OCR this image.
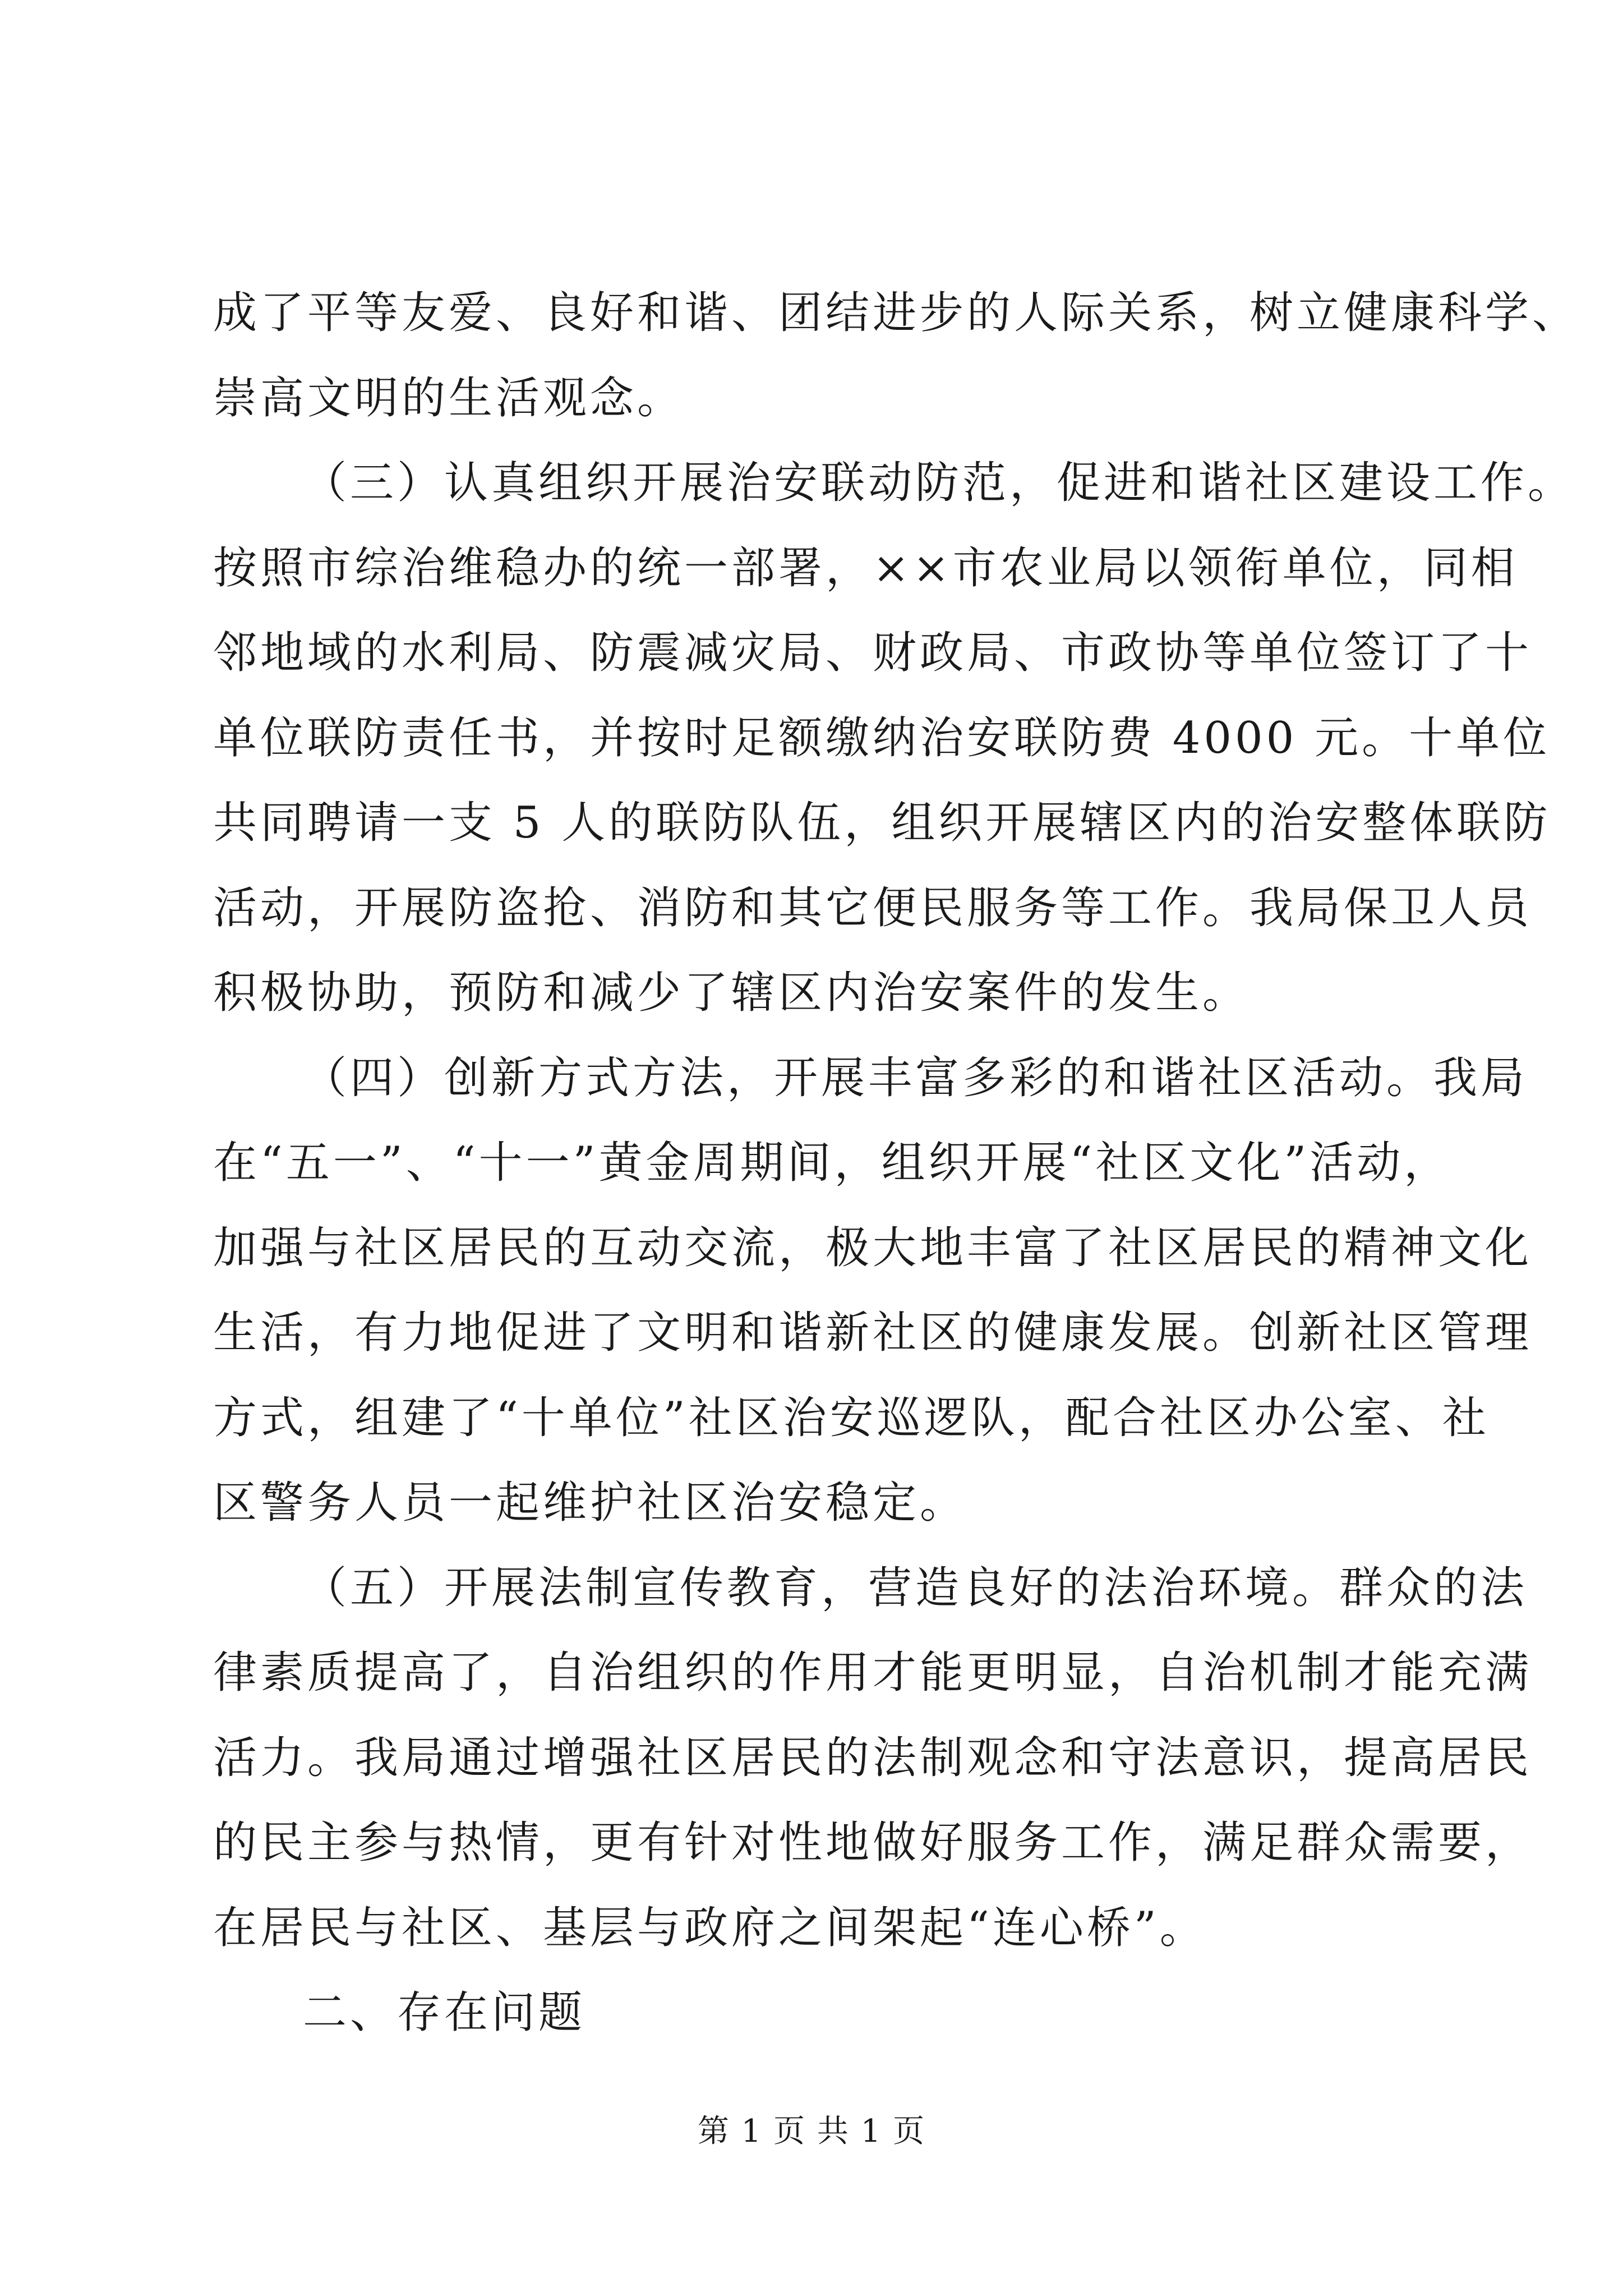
成了平等友爱、良好和谐、团结进步的人际关系，树立健康科学、
崇高文明的生活观念。
（三）认真组织开展治安联动防范，促进和谐社区建设工作。
按照市综治维稳办的统一部署，××市农业局以领衔单位，同相
邻地域的水利局、防震减灾局、财政局、市政协等单位签订了十
单位联防责任书，并按时足额缴纳治安联防费 4000 元。十单位
共同聘请一支 5 人的联防队伍，组织开展辖区内的治安整体联防
活动，开展防盗抢、消防和其它便民服务等工作。我局保卫人员
积极协助，预防和减少了辖区内治安案件的发生。
（四）创新方式方法，开展丰富多彩的和谐社区活动。我局
在“五一”、“十一”黄金周期间，组织开展“社区文化”活动，
加强与社区居民的互动交流，极大地丰富了社区居民的精神文化
生活，有力地促进了文明和谐新社区的健康发展。创新社区管理
方式，组建了“十单位”社区治安巡逻队，配合社区办公室、社
区警务人员一起维护社区治安稳定。
（五）开展法制宣传教育，营造良好的法治环境。群众的法
律素质提高了，自治组织的作用才能更明显，自治机制才能充满
活力。我局通过增强社区居民的法制观念和守法意识，提高居民
的民主参与热情，更有针对性地做好服务工作，满足群众需要，
在居民与社区、基层与政府之间架起“连心桥”。
二、存在问题
第 1 页 共 1 页
